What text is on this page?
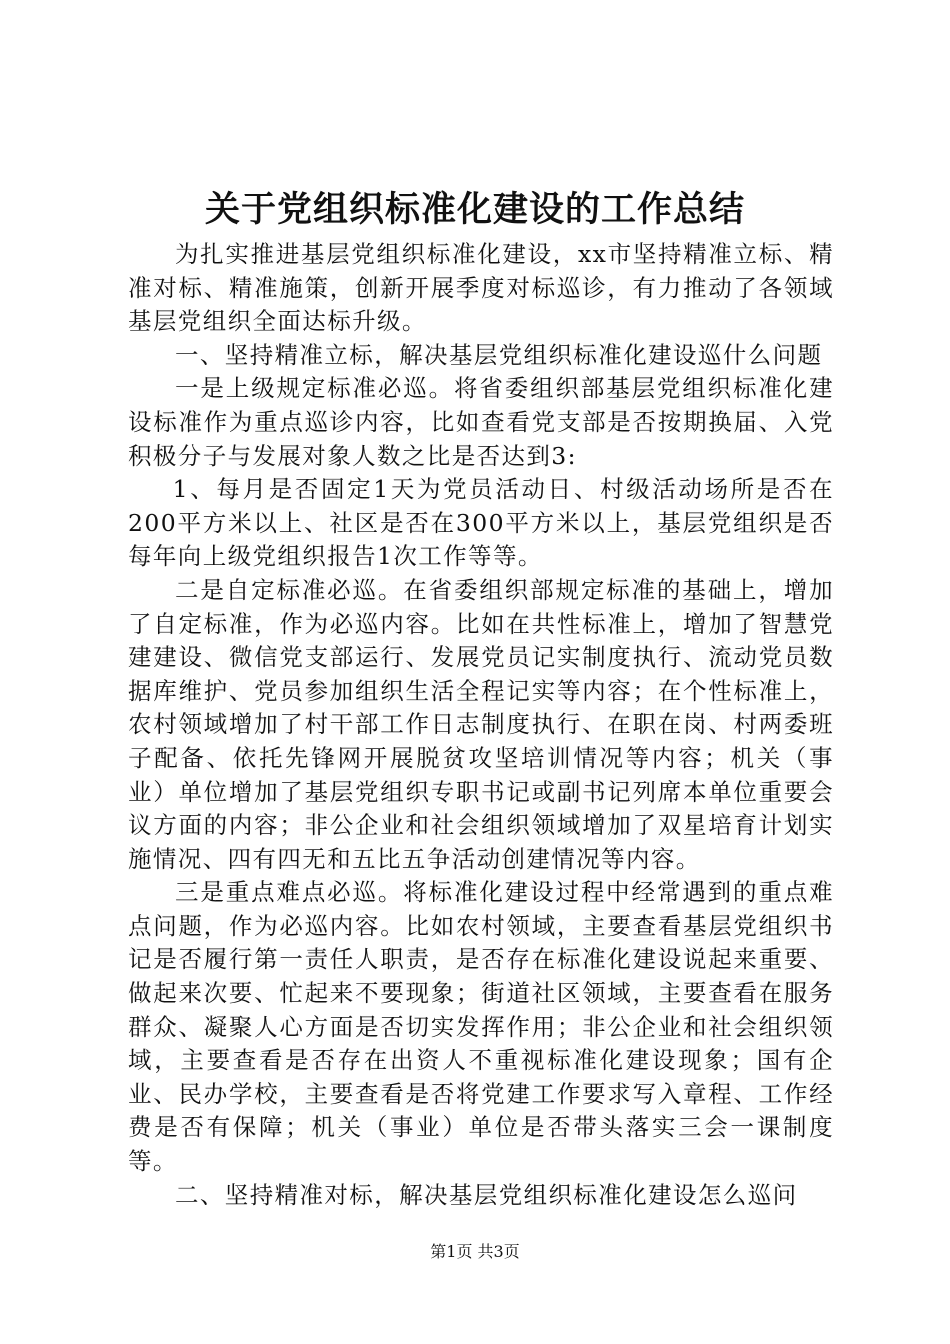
关于党组织标准化建设的工作总结

为扎实推进基层党组织标准化建设，xx市坚持精准立标、精准对标、精准施策，创新开展季度对标巡诊，有力推动了各领域基层党组织全面达标升级。

一、坚持精准立标，解决基层党组织标准化建设巡什么问题

一是上级规定标准必巡。将省委组织部基层党组织标准化建设标准作为重点巡诊内容，比如查看党支部是否按期换届、入党积极分子与发展对象人数之比是否达到3:

1、每月是否固定1天为党员活动日、村级活动场所是否在200平方米以上、社区是否在300平方米以上，基层党组织是否每年向上级党组织报告1次工作等等。

二是自定标准必巡。在省委组织部规定标准的基础上，增加了自定标准，作为必巡内容。比如在共性标准上，增加了智慧党建建设、微信党支部运行、发展党员记实制度执行、流动党员数据库维护、党员参加组织生活全程记实等内容；在个性标准上，农村领域增加了村干部工作日志制度执行、在职在岗、村两委班子配备、依托先锋网开展脱贫攻坚培训情况等内容；机关（事业）单位增加了基层党组织专职书记或副书记列席本单位重要会议方面的内容；非公企业和社会组织领域增加了双星培育计划实施情况、四有四无和五比五争活动创建情况等内容。

三是重点难点必巡。将标准化建设过程中经常遇到的重点难点问题，作为必巡内容。比如农村领域，主要查看基层党组织书记是否履行第一责任人职责，是否存在标准化建设说起来重要、做起来次要、忙起来不要现象；街道社区领域，主要查看在服务群众、凝聚人心方面是否切实发挥作用；非公企业和社会组织领域，主要查看是否存在出资人不重视标准化建设现象；国有企业、民办学校，主要查看是否将党建工作要求写入章程、工作经费是否有保障；机关（事业）单位是否带头落实三会一课制度等。

二、坚持精准对标，解决基层党组织标准化建设怎么巡问

第1页 共3页
